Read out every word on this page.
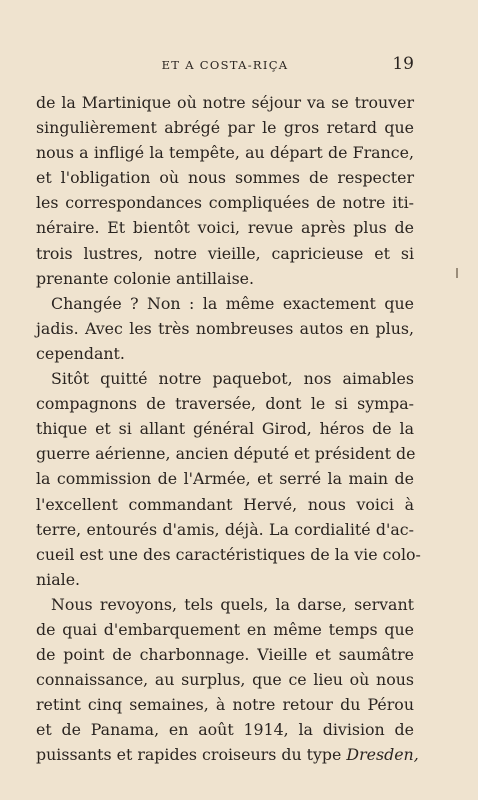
ET A COSTA-RIÇA	19
de la Martinique où notre séjour va se trouver
singulièrement abrégé par le gros retard que
nous a infligé la tempête, au départ de France,
et l'obligation où nous sommes de respecter
les correspondances compliquées de notre iti-
néraire. Et bientôt voici, revue après plus de
trois lustres, notre vieille, capricieuse et si
prenante colonie antillaise.
Changée ? Non : la même exactement que
jadis. Avec les très nombreuses autos en plus,
cependant.
Sitôt quitté notre paquebot, nos aimables
compagnons de traversée, dont le si sympa-
thique et si allant général Girod, héros de la
guerre aérienne, ancien député et président de
la commission de l'Armée, et serré la main de
l'excellent commandant Hervé, nous voici à
terre, entourés d'amis, déjà. La cordialité d'ac-
cueil est une des caractéristiques de la vie colo-
niale.
Nous revoyons, tels quels, la darse, servant
de quai d'embarquement en même temps que
de point de charbonnage. Vieille et saumâtre
connaissance, au surplus, que ce lieu où nous
retint cinq semaines, à notre retour du Pérou
et de Panama, en août 1914, la division de
puissants et rapides croiseurs du type Dresden,
